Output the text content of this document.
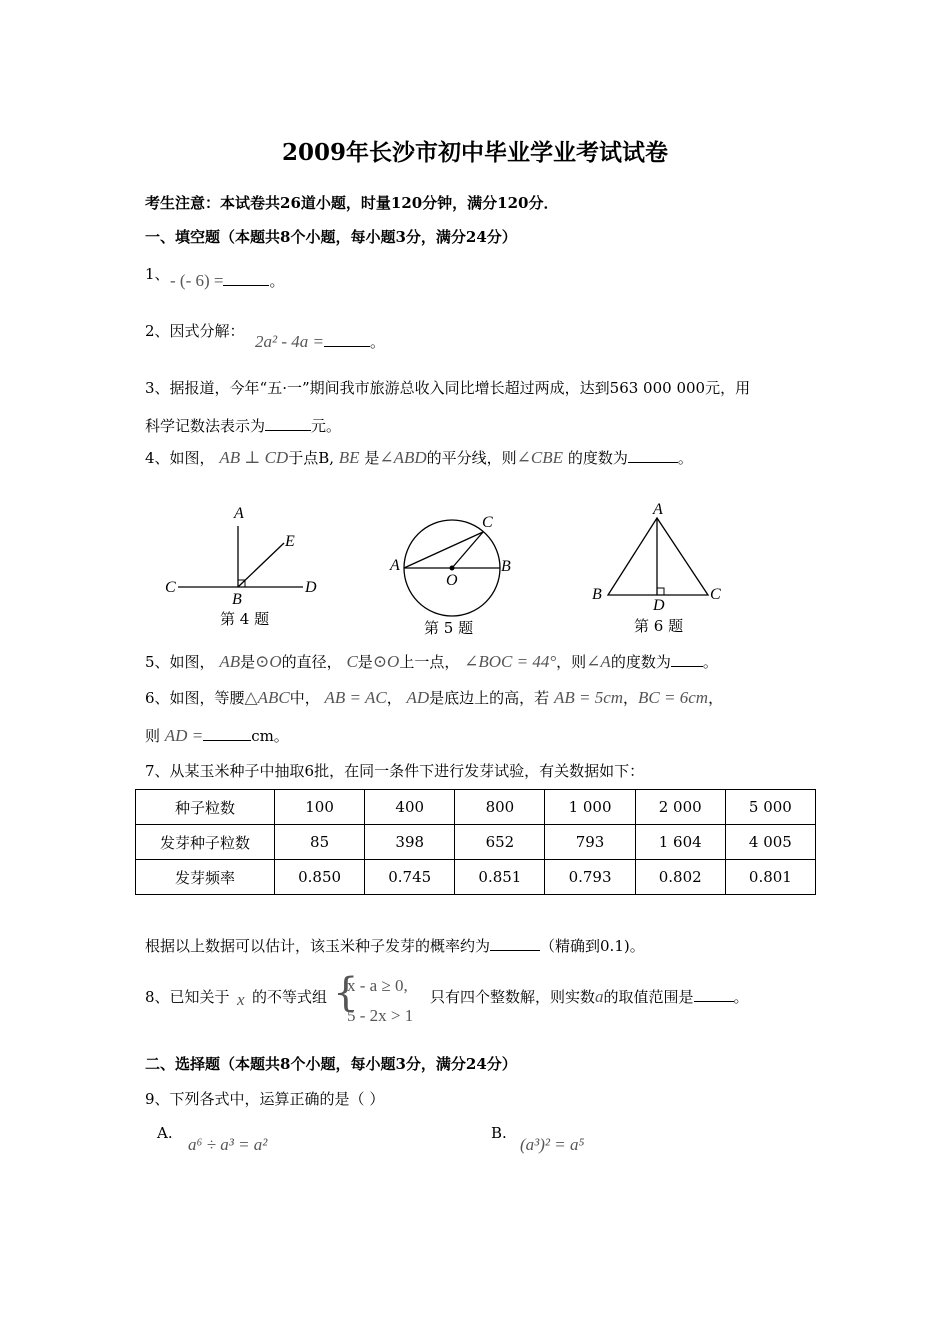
2009年长沙市初中毕业学业考试试卷
考生注意：本试卷共26道小题，时量120分钟，满分120分．
一、填空题（本题共8个小题，每小题3分，满分24分）
1、 - (- 6) =	。
2、因式分解：
2a² - 4a =	。
3、据报道，今年“五·一”期间我市旅游总收入同比增长超过两成，达到563 000 000元，用
科学记数法表示为	元。
4、如图， AB ⊥ CD于点B, BE 是∠ABD的平分线，则∠CBE 的度数为	。
A
E
C
B
D
第 4 题
A	B
C
O
第 5 题
A
B	C
D
第 6 题
5、如图， AB是⊙O的直径， C是⊙O上一点， ∠BOC = 44°，则∠A的度数为 。
6、如图，等腰△ABC中， AB = AC， AD是底边上的高，若 AB = 5cm，BC = 6cm，
则 AD =	cm。
7、从某玉米种子中抽取6批，在同一条件下进行发芽试验，有关数据如下：
种子粒数	100	400	800	1 000	2 000	5 000
发芽种子粒数	85	398	652	793	1 604	4 005
发芽频率	0.850	0.745	0.851	0.793	0.802	0.801
根据以上数据可以估计，该玉米种子发芽的概率约为	（精确到0.1)。
8、已知关于 x 的不等式组 {
x - a ≥ 0,
5 - 2x > 1
只有四个整数解，则实数a的取值范围是	。
二、选择题（本题共8个小题，每小题3分，满分24分）
9、下列各式中，运算正确的是（ ）
A.
a⁶ ÷ a³ = a²
B.
(a³)² = a⁵
